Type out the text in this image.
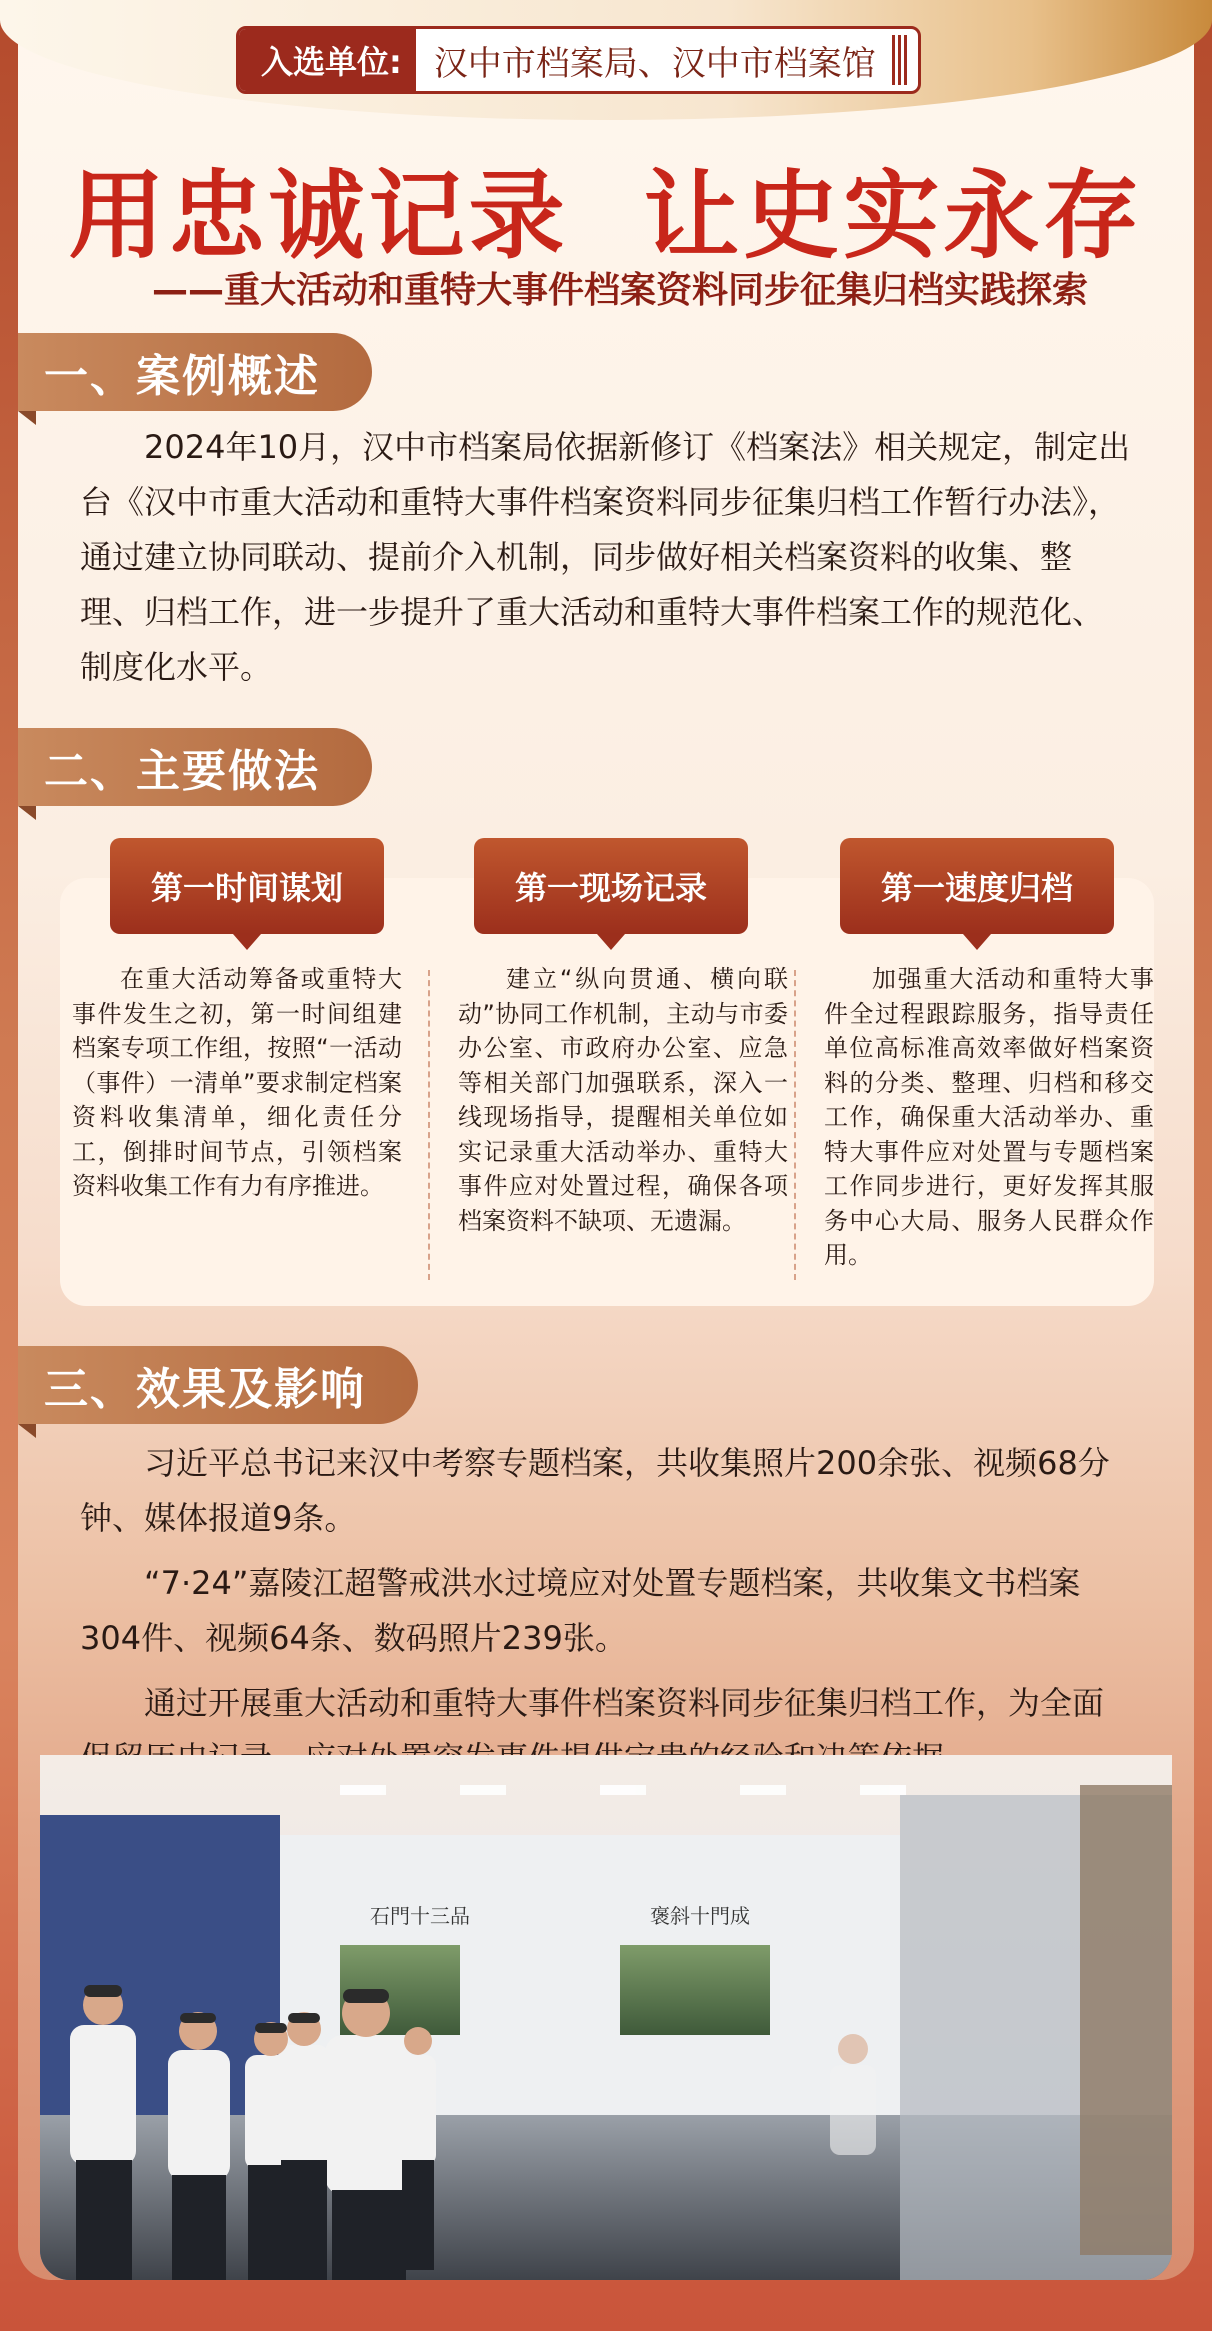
入选单位: 汉中市档案局、汉中市档案馆
用忠诚记录  让史实永存
——重大活动和重特大事件档案资料同步征集归档实践探索
一、案例概述

2024年10月，汉中市档案局依据新修订《档案法》相关规定，制定出台《汉中市重大活动和重特大事件档案资料同步征集归档工作暂行办法》，通过建立协同联动、提前介入机制，同步做好相关档案资料的收集、整理、归档工作，进一步提升了重大活动和重特大事件档案工作的规范化、制度化水平。

二、主要做法
第一时间谋划	第一现场记录	第一速度归档

在重大活动筹备或重特大事件发生之初，第一时间组建档案专项工作组，按照“一活动（事件）一清单”要求制定档案资料收集清单，细化责任分工，倒排时间节点，引领档案资料收集工作有力有序推进。

建立“纵向贯通、横向联动”协同工作机制，主动与市委办公室、市政府办公室、应急等相关部门加强联系，深入一线现场指导，提醒相关单位如实记录重大活动举办、重特大事件应对处置过程，确保各项档案资料不缺项、无遗漏。

加强重大活动和重特大事件全过程跟踪服务，指导责任单位高标准高效率做好档案资料的分类、整理、归档和移交工作，确保重大活动举办、重特大事件应对处置与专题档案工作同步进行，更好发挥其服务中心大局、服务人民群众作用。

三、效果及影响

习近平总书记来汉中考察专题档案，共收集照片200余张、视频68分钟、媒体报道9条。

“7·24”嘉陵江超警戒洪水过境应对处置专题档案，共收集文书档案304件、视频64条、数码照片239张。

通过开展重大活动和重特大事件档案资料同步征集归档工作，为全面

石門十三品	褒斜十門成
